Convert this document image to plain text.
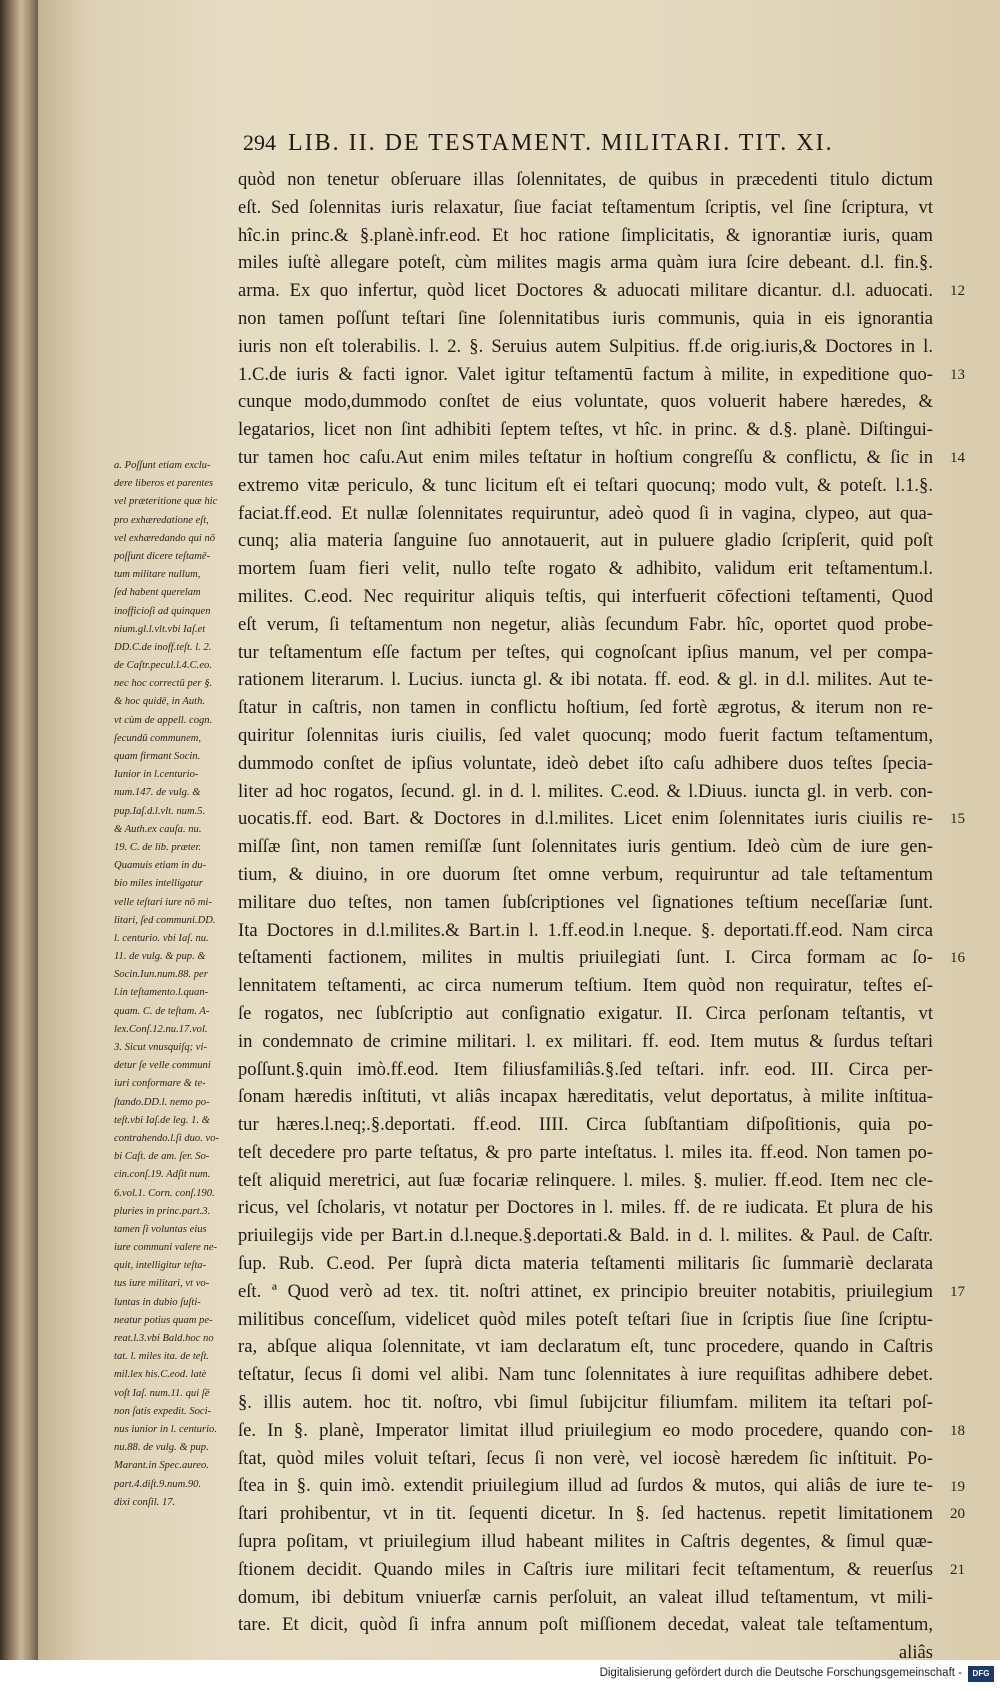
294 LIB. II. DE TESTAMENT. MILITARI. TIT. XI.
a. Poſſunt etiam exclu-
dere liberos et parentes
vel præteritione quæ hic
pro exhæredatione eſt,
vel exhæredando qui nō
poſſunt dicere teſtamē-
tum militare nullum,
ſed habent querelam
inofficioſi ad quinquen
nium.gl.l.vlt.vbi Iaſ.et
DD.C.de inoff.teſt. l. 2.
de Caſtr.pecul.l.4.C.eo.
nec hoc correctū per §.
& hoc quidē, in Auth.
vt cùm de appell. cogn.
ſecundū communem,
quam firmant Socin.
Iunior in l.centurio-
num.147. de vulg. &
pup.Iaſ.d.l.vlt. num.5.
& Auth.ex cauſa. nu.
19. C. de lib. præter.
Quamuis etiam in du-
bio miles intelligatur
velle teſtari iure nō mi-
litari, ſed communi.DD.
l. centurio. vbi Iaſ. nu.
11. de vulg. & pup. &
Socin.Iun.num.88. per
l.in teſtamento.l.quan-
quam. C. de teſtam. A-
lex.Conſ.12.nu.17.vol.
3. Sicut vnusquiſq; vi-
detur ſe velle communi
iuri conformare & te-
ſtando.DD.l. nemo po-
teſt.vbi Iaſ.de leg. 1. &
contrahendo.l.ſi duo. vo-
bi Caſt. de am. ſer. So-
cin.conſ.19. Adſit num.
6.vol.1. Corn. conſ.190.
pluries in princ.part.3.
tamen ſi voluntas eius
iure communi valere ne-
quit, intelligitur teſta-
tus iure militari, vt vo-
luntas in dubio ſuſti-
neatur potius quam pe-
reat.l.3.vbi Bald.hoc no
tat. l. miles ita. de teſt.
mil.lex his.C.eod. latè
voſt Iaſ. num.11. qui ſē
non ſatis expedit. Soci-
nus iunior in l. centurio.
nu.88. de vulg. & pup.
Marant.in Spec.aureo.
part.4.diſt.9.num.90.
dixi conſil. 17.
quòd non tenetur obſeruare illas ſolennitates, de quibus in præcedenti titulo dictum
eſt. Sed ſolennitas iuris relaxatur, ſiue faciat teſtamentum ſcriptis, vel ſine ſcriptura, vt
hîc.in princ.& §.planè.infr.eod. Et hoc ratione ſimplicitatis, & ignorantiæ iuris, quam
miles iuſtè allegare poteſt, cùm milites magis arma quàm iura ſcire debeant. d.l. fin.§.
arma. Ex quo infertur, quòd licet Doctores & aduocati militare dicantur. d.l. aduocati.
non tamen poſſunt teſtari ſine ſolennitatibus iuris communis, quia in eis ignorantia
iuris non eſt tolerabilis. l. 2. §. Seruius autem Sulpitius. ff.de orig.iuris,& Doctores in l.
1.C.de iuris & facti ignor. Valet igitur teſtamentū factum à milite, in expeditione quo-
cunque modo,dummodo conſtet de eius voluntate, quos voluerit habere hæredes, &
legatarios, licet non ſint adhibiti ſeptem teſtes, vt hîc. in princ. & d.§. planè. Diſtingui-
tur tamen hoc caſu.Aut enim miles teſtatur in hoſtium congreſſu & conflictu, & ſic in
extremo vitæ periculo, & tunc licitum eſt ei teſtari quocunq; modo vult, & poteſt. l.1.§.
faciat.ff.eod. Et nullæ ſolennitates requiruntur, adeò quod ſi in vagina, clypeo, aut qua-
cunq; alia materia ſanguine ſuo annotauerit, aut in puluere gladio ſcripſerit, quid poſt
mortem ſuam fieri velit, nullo teſte rogato & adhibito, validum erit teſtamentum.l.
milites. C.eod. Nec requiritur aliquis teſtis, qui interfuerit cōfectioni teſtamenti, Quod
eſt verum, ſi teſtamentum non negetur, aliàs ſecundum Fabr. hîc, oportet quod probe-
tur teſtamentum eſſe factum per teſtes, qui cognoſcant ipſius manum, vel per compa-
rationem literarum. l. Lucius. iuncta gl. & ibi notata. ff. eod. & gl. in d.l. milites. Aut te-
ſtatur in caſtris, non tamen in conflictu hoſtium, ſed fortè ægrotus, & iterum non re-
quiritur ſolennitas iuris ciuilis, ſed valet quocunq; modo fuerit factum teſtamentum,
dummodo conſtet de ipſius voluntate, ideò debet iſto caſu adhibere duos teſtes ſpecia-
liter ad hoc rogatos, ſecund. gl. in d. l. milites. C.eod. & l.Diuus. iuncta gl. in verb. con-
uocatis.ff. eod. Bart. & Doctores in d.l.milites. Licet enim ſolennitates iuris ciuilis re-
miſſæ ſint, non tamen remiſſæ ſunt ſolennitates iuris gentium. Ideò cùm de iure gen-
tium, & diuino, in ore duorum ſtet omne verbum, requiruntur ad tale teſtamentum
militare duo teſtes, non tamen ſubſcriptiones vel ſignationes teſtium neceſſariæ ſunt.
Ita Doctores in d.l.milites.& Bart.in l. 1.ff.eod.in l.neque. §. deportati.ff.eod. Nam circa
teſtamenti factionem, milites in multis priuilegiati ſunt. I. Circa formam ac ſo-
lennitatem teſtamenti, ac circa numerum teſtium. Item quòd non requiratur, teſtes eſ-
ſe rogatos, nec ſubſcriptio aut conſignatio exigatur. II. Circa perſonam teſtantis, vt
in condemnato de crimine militari. l. ex militari. ff. eod. Item mutus & ſurdus teſtari
poſſunt.§.quin imò.ff.eod. Item filiusfamiliâs.§.ſed teſtari. infr. eod. III. Circa per-
ſonam hæredis inſtituti, vt aliâs incapax hæreditatis, velut deportatus, à milite inſtitua-
tur hæres.l.neq;.§.deportati. ff.eod. IIII. Circa ſubſtantiam diſpoſitionis, quia po-
teſt decedere pro parte teſtatus, & pro parte inteſtatus. l. miles ita. ff.eod. Non tamen po-
teſt aliquid meretrici, aut ſuæ focariæ relinquere. l. miles. §. mulier. ff.eod. Item nec cle-
ricus, vel ſcholaris, vt notatur per Doctores in l. miles. ff. de re iudicata. Et plura de his
priuilegijs vide per Bart.in d.l.neque.§.deportati.& Bald. in d. l. milites. & Paul. de Caſtr.
ſup. Rub. C.eod. Per ſuprà dicta materia teſtamenti militaris ſic ſummariè declarata
eſt. ª Quod verò ad tex. tit. noſtri attinet, ex principio breuiter notabitis, priuilegium
militibus conceſſum, videlicet quòd miles poteſt teſtari ſiue in ſcriptis ſiue ſine ſcriptu-
ra, abſque aliqua ſolennitate, vt iam declaratum eſt, tunc procedere, quando in Caſtris
teſtatur, ſecus ſi domi vel alibi. Nam tunc ſolennitates à iure requiſitas adhibere debet.
§. illis autem. hoc tit. noſtro, vbi ſimul ſubijcitur filiumfam. militem ita teſtari poſ-
ſe. In §. planè, Imperator limitat illud priuilegium eo modo procedere, quando con-
ſtat, quòd miles voluit teſtari, ſecus ſi non verè, vel iocosè hæredem ſic inſtituit. Po-
ſtea in §. quin imò. extendit priuilegium illud ad ſurdos & mutos, qui aliâs de iure te-
ſtari prohibentur, vt in tit. ſequenti dicetur. In §. ſed hactenus. repetit limitationem
ſupra poſitam, vt priuilegium illud habeant milites in Caſtris degentes, & ſimul quæ-
ſtionem decidit. Quando miles in Caſtris iure militari fecit teſtamentum, & reuerſus
domum, ibi debitum vniuerſæ carnis perſoluit, an valeat illud teſtamentum, vt mili-
tare. Et dicit, quòd ſi infra annum poſt miſſionem decedat, valeat tale teſtamentum,
aliâs
12
13
14
15
16
17
18
19
20
21
Digitalisierung gefördert durch die Deutsche Forschungsgemeinschaft -	DFG
